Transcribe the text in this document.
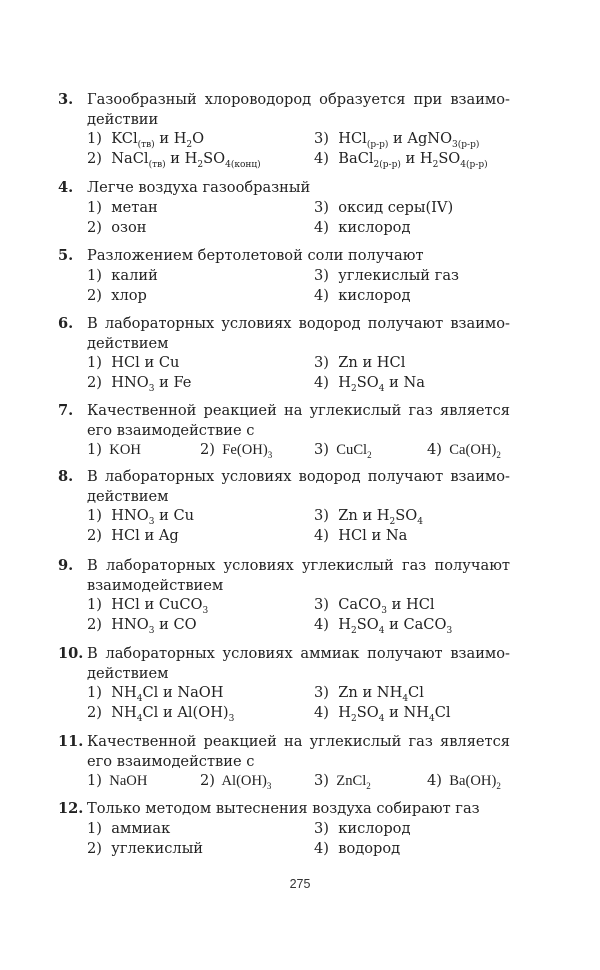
3. Газообразный хлороводород образуется при взаимо-
действии
1)  KCl$_{(тв)}$ и $H_2O$	3)  HCl$_{(р-р)}$ и AgNO$_{3(р-р)}$
2)  NaCl$_{(тв)}$ и $H_2SO_{4(конц)}$	4)  BaCl$_{2(р-р)}$ и $H_2SO_{4(р-р)}$
4. Легче воздуха газообразный
1)  метан	3)  оксид серы(IV)
2)  озон	4)  кислород
5. Разложением бертолетовой соли получают
1)  калий	3)  углекислый газ
2)  хлор	4)  кислород
6. В лабораторных условиях водород получают взаимо-
действием
1)  HCl и Cu	3)  Zn и HCl
2)  $HNO_3$ и Fe	4)  $H_2SO_4$ и Na
7. Качественной реакцией на углекислый газ является
его взаимодействие с
1)  KOH	2)  $Fe(OH)_3$	3)  CuCl$_2$	4)  $Ca(OH)_2$
8. В лабораторных условиях водород получают взаимо-
действием
1)  $HNO_3$ и Cu	3)  Zn и $H_2SO_4$
2)  HCl и Ag	4)  HCl и Na
9. В лабораторных условиях углекислый газ получают
взаимодействием
1)  HCl и CuCO$_3$	3)  CaCO$_3$ и HCl
2)  $HNO_3$ и CO	4)  $H_2SO_4$ и CaCO$_3$
10. В лабораторных условиях аммиак получают взаимо-
действием
1)  $NH_4Cl$ и NaOH	3)  Zn и $NH_4Cl$
2)  $NH_4Cl$ и $Al(OH)_3$	4)  $H_2SO_4$ и $NH_4Cl$
11. Качественной реакцией на углекислый газ является
его взаимодействие с
1)  NaOH	2)  $Al(OH)_3$	3)  ZnCl$_2$	4)  $Ba(OH)_2$
12. Только методом вытеснения воздуха собирают газ
1)  аммиак	3)  кислород
2)  углекислый	4)  водород
275
